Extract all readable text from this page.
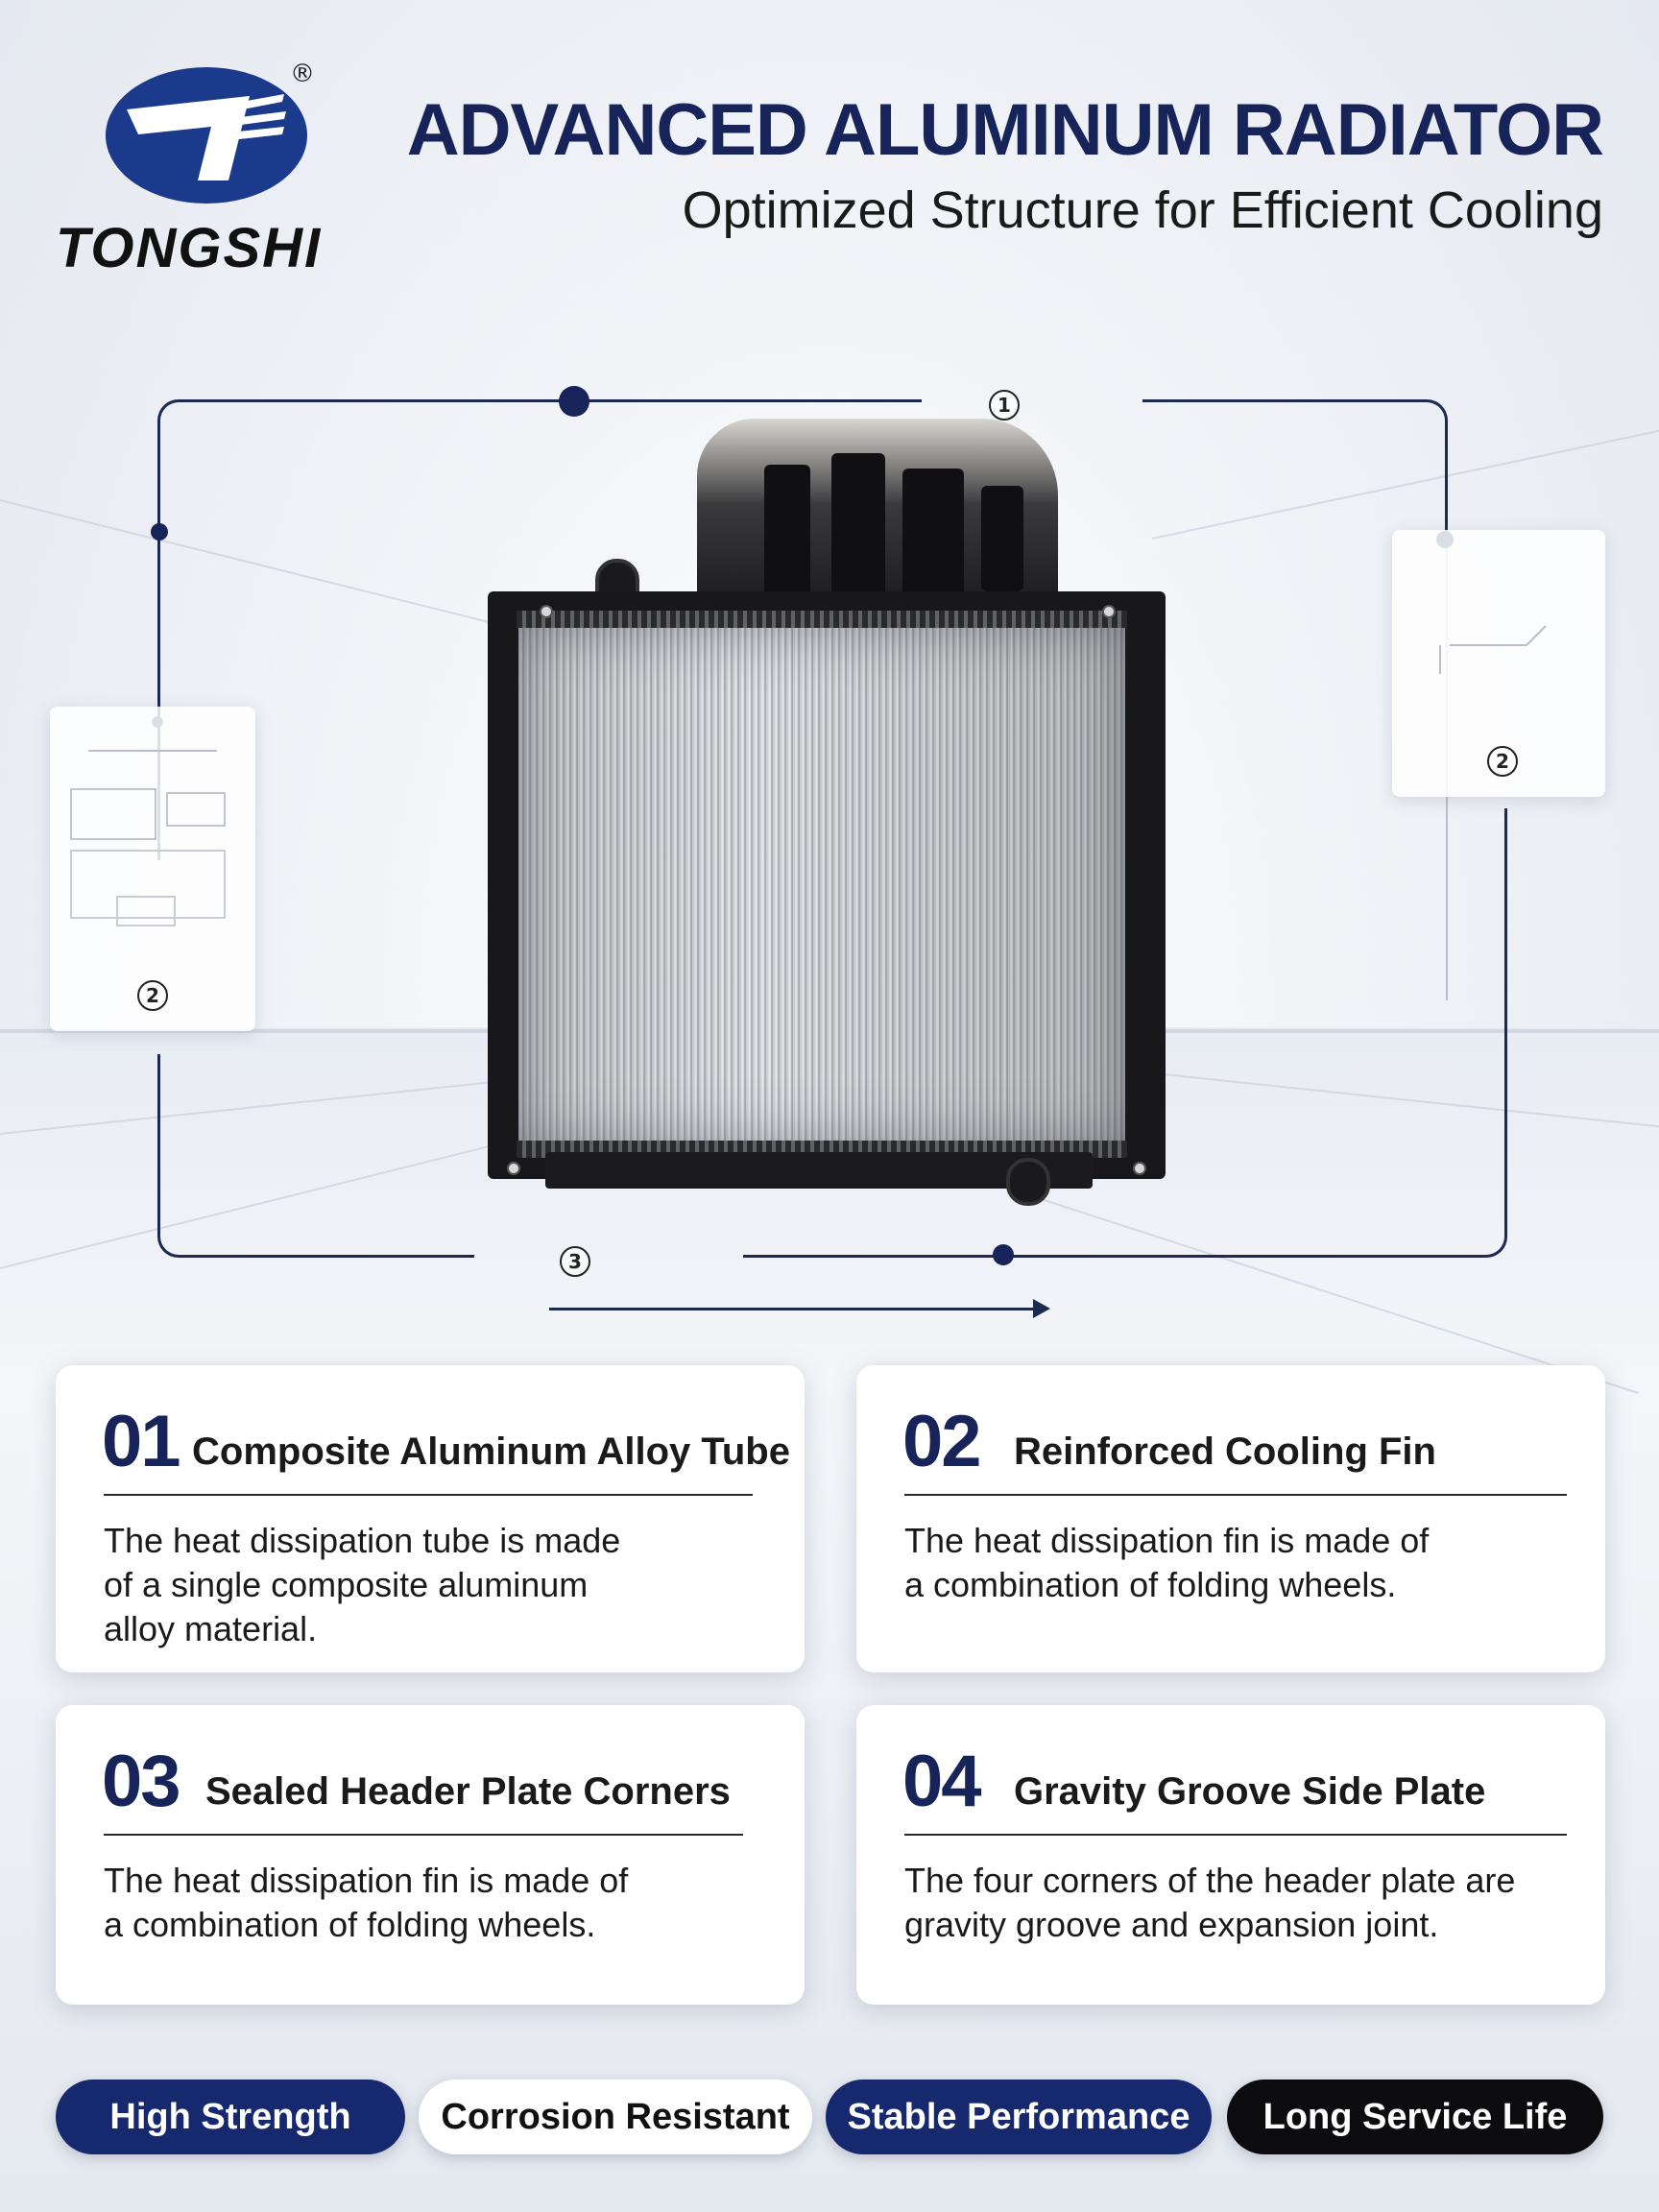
®
TONGSHI
ADVANCED ALUMINUM RADIATOR
Optimized Structure for Efficient Cooling
1
2
2
3
01 Composite Aluminum Alloy Tube
The heat dissipation tube is made
of a single composite aluminum
alloy material.
02 Reinforced Cooling Fin
The heat dissipation fin is made of
a combination of folding wheels.
03 Sealed Header Plate Corners
The heat dissipation fin is made of
a combination of folding wheels.
04 Gravity Groove Side Plate
The four corners of the header plate are
gravity groove and expansion joint.
High Strength	Corrosion Resistant	Stable Performance	Long Service Life
